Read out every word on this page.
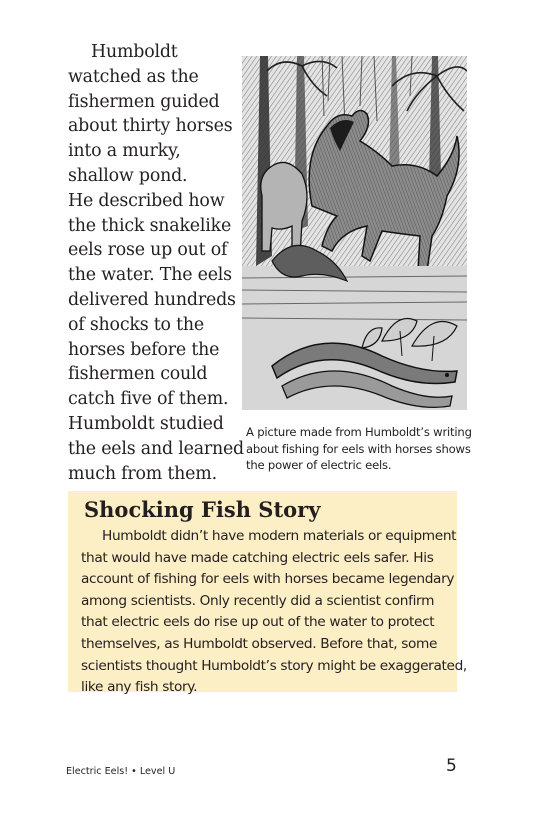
Humboldt
watched as the
fishermen guided
about thirty horses
into a murky,
shallow pond.
He described how
the thick snakelike
eels rose up out of
the water. The eels
delivered hundreds
of shocks to the
horses before the
fishermen could
catch five of them.
Humboldt studied
the eels and learned
much from them.
A picture made from Humboldt’s writing
about fishing for eels with horses shows
the power of electric eels.
Shocking Fish Story
Humboldt didn’t have modern materials or equipment
that would have made catching electric eels safer. His
account of fishing for eels with horses became legendary
among scientists. Only recently did a scientist confirm
that electric eels do rise up out of the water to protect
themselves, as Humboldt observed. Before that, some
scientists thought Humboldt’s story might be exaggerated,
like any fish story.
Electric Eels! • Level U	5
